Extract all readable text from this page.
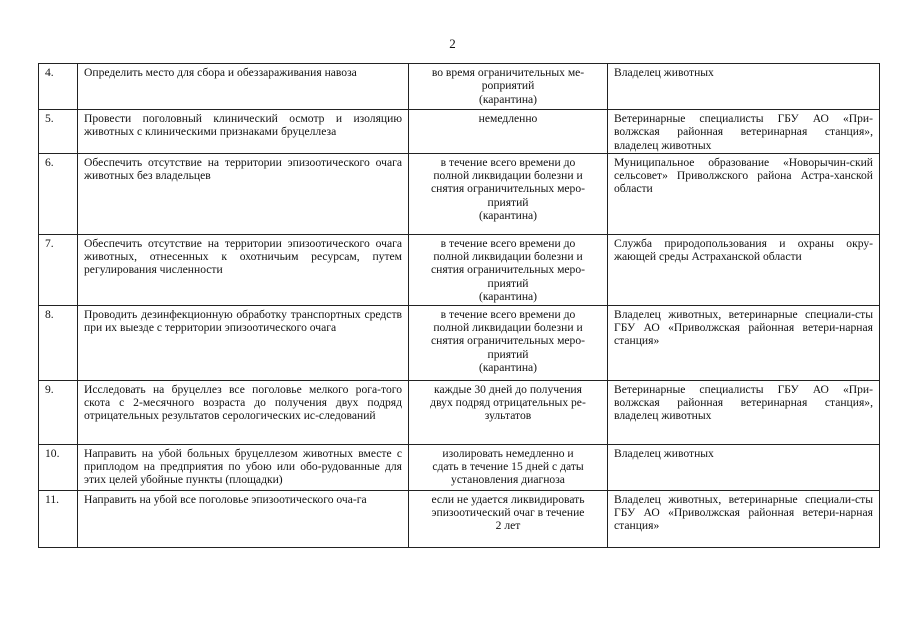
2
4.	Определить место для сбора и обеззараживания навоза	во время ограничительных ме-
роприятий
(карантина)	Владелец животных
5.	Провести поголовный клинический осмотр и изоляцию животных с клиническими признаками бруцеллеза	немедленно	Ветеринарные специалисты ГБУ АО «При-волжская районная ветеринарная станция», владелец животных
6.	Обеспечить отсутствие на территории эпизоотического очага животных без владельцев	в течение всего времени до
полной ликвидации болезни и
снятия ограничительных меро-
приятий
(карантина)	Муниципальное образование «Новорычин-ский сельсовет» Приволжского района Астра-ханской области
7.	Обеспечить отсутствие на территории эпизоотического очага животных, отнесенных к охотничьим ресурсам, путем регулирования численности	в течение всего времени до
полной ликвидации болезни и
снятия ограничительных меро-
приятий
(карантина)	Служба природопользования и охраны окру-жающей среды Астраханской области
8.	Проводить дезинфекционную обработку транспортных средств при их выезде с территории эпизоотического очага	в течение всего времени до
полной ликвидации болезни и
снятия ограничительных меро-
приятий
(карантина)	Владелец животных, ветеринарные специали-сты ГБУ АО «Приволжская районная ветери-нарная станция»
9.	Исследовать на бруцеллез все поголовье мелкого рога-того скота с 2-месячного возраста до получения двух подряд отрицательных результатов серологических ис-следований	каждые 30 дней до получения
двух подряд отрицательных ре-
зультатов	Ветеринарные специалисты ГБУ АО «При-волжская районная ветеринарная станция», владелец животных
10.	Направить на убой больных бруцеллезом животных вместе с приплодом на предприятия по убою или обо-рудованные для этих целей убойные пункты (площадки)	изолировать немедленно и
сдать в течение 15 дней с даты
установления диагноза	Владелец животных
11.	Направить на убой все поголовье эпизоотического оча-га	если не удается ликвидировать
эпизоотический очаг в течение
2 лет	Владелец животных, ветеринарные специали-сты ГБУ АО «Приволжская районная ветери-нарная станция»
